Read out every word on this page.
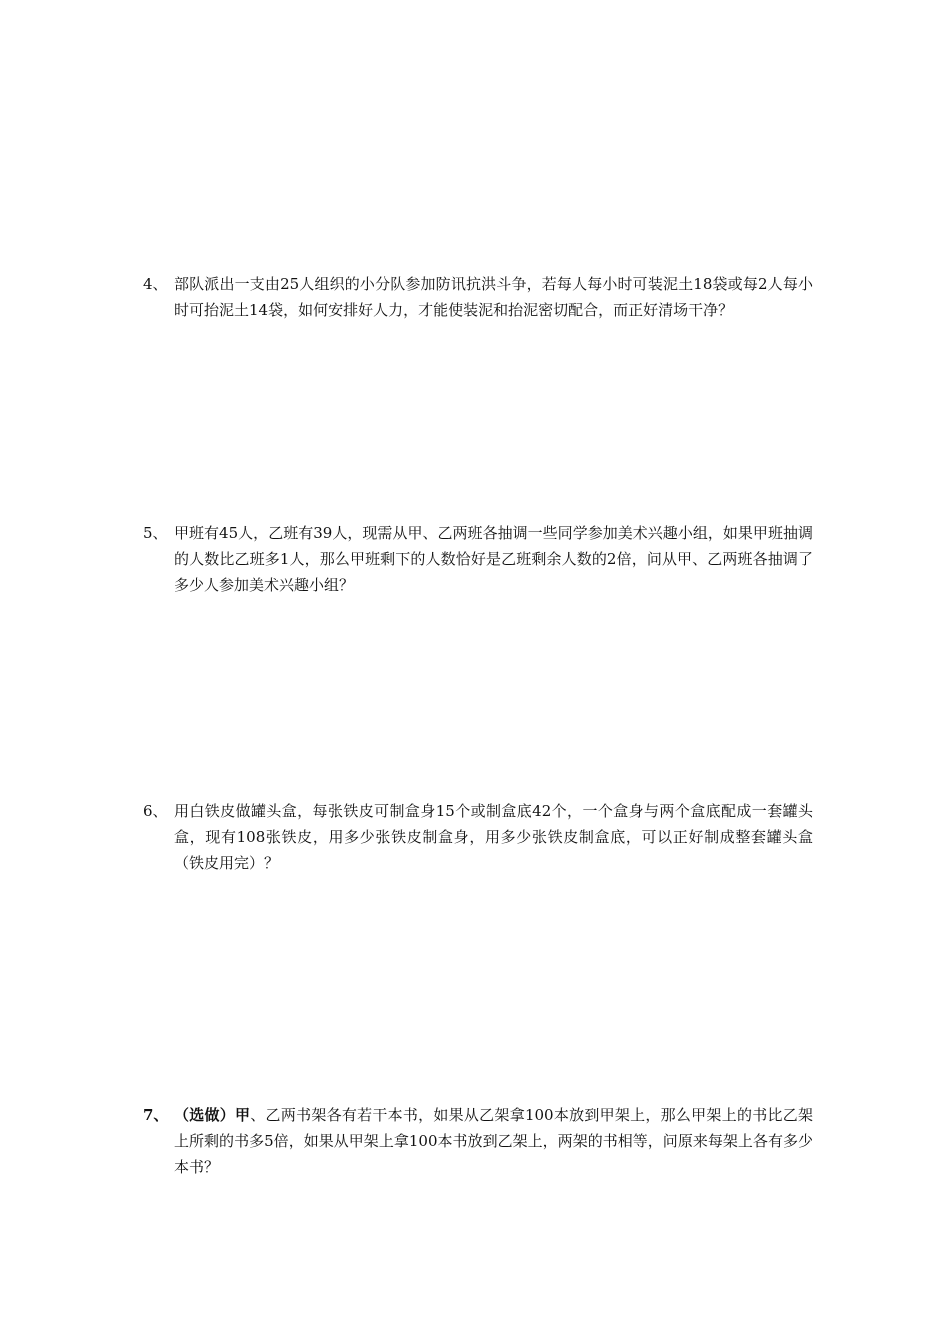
4、 部队派出一支由25人组织的小分队参加防讯抗洪斗争，若每人每小时可装泥土18袋或每2人每小时可抬泥土14袋，如何安排好人力，才能使装泥和抬泥密切配合，而正好清场干净？
5、 甲班有45人，乙班有39人，现需从甲、乙两班各抽调一些同学参加美术兴趣小组，如果甲班抽调的人数比乙班多1人，那么甲班剩下的人数恰好是乙班剩余人数的2倍，问从甲、乙两班各抽调了多少人参加美术兴趣小组？
6、 用白铁皮做罐头盒，每张铁皮可制盒身15个或制盒底42个，一个盒身与两个盒底配成一套罐头盒，现有108张铁皮，用多少张铁皮制盒身，用多少张铁皮制盒底，可以正好制成整套罐头盒（铁皮用完）？
7、 （选做）甲、乙两书架各有若干本书，如果从乙架拿100本放到甲架上，那么甲架上的书比乙架上所剩的书多5倍，如果从甲架上拿100本书放到乙架上，两架的书相等，问原来每架上各有多少本书？
